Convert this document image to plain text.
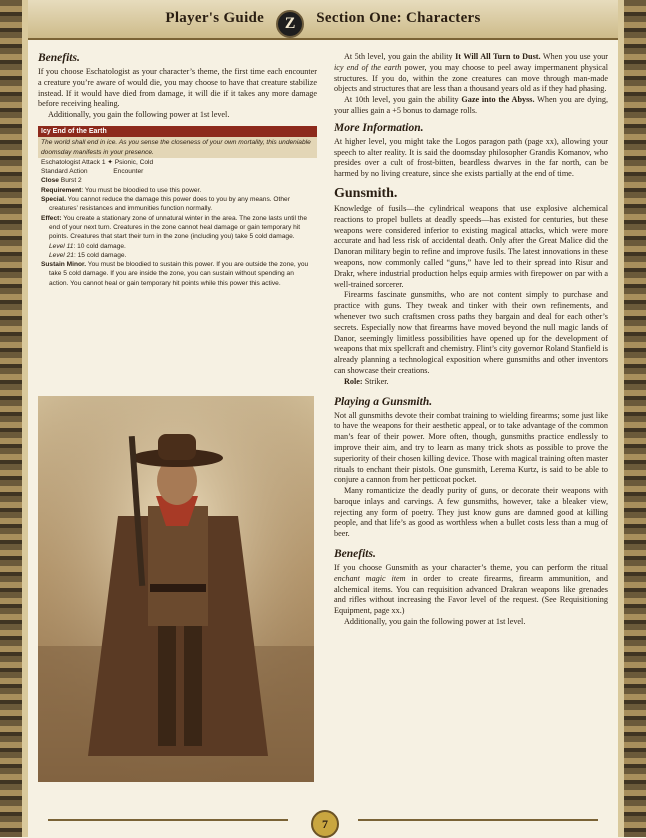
Player's Guide Z Section One: Characters
Benefits.

If you choose Eschatologist as your character’s theme, the first time each encounter a creature you’re aware of would die, you may choose to have that creature stabilize instead. If it would have died from damage, it will die if it takes any more damage before receiving healing.

Additionally, you gain the following power at 1st level.

Icy End of the Earth
The world shall end in ice. As you sense the closeness of your own mortality, this undeniable doomsday manifests in your presence.
Eschatologist Attack 1 ✦ Psionic, Cold
Standard Action	Encounter
Close Burst 2
Requirement: You must be bloodied to use this power.
Special. You cannot reduce the damage this power does to you by any means. Other creatures’ resistances and immunities function normally.
Effect: You create a stationary zone of unnatural winter in the area. The zone lasts until the end of your next turn. Creatures in the zone cannot heal damage or gain temporary hit points. Creatures that start their turn in the zone (including you) take 5 cold damage.
Level 11: 10 cold damage.
Level 21: 15 cold damage.
Sustain Minor. You must be bloodied to sustain this power. If you are outside the zone, you take 5 cold damage. If you are inside the zone, you can sustain without spending an action. You cannot heal or gain temporary hit points while this power this active.

At 5th level, you gain the ability It Will All Turn to Dust. When you use your icy end of the earth power, you may choose to peel away impermanent physical structures. If you do, within the zone creatures can move through man-made objects and structures that are less than a thousand years old as if they had phasing.

At 10th level, you gain the ability Gaze into the Abyss. When you are dying, your allies gain a +5 bonus to damage rolls.

More Information.

At higher level, you might take the Logos paragon path (page xx), allowing your speech to alter reality. It is said the doomsday philosopher Grandis Komanov, who presides over a cult of frost-bitten, beardless dwarves in the far north, can be harmed by no living creature, since she exists partially at the end of time.

Gunsmith.

Knowledge of fusils—the cylindrical weapons that use explosive alchemical reactions to propel bullets at deadly speeds—has existed for centuries, but these weapons were considered inferior to existing magical attacks, which were more accurate and had less risk of accidental death. Only after the Great Malice did the Danoran military begin to refine and improve fusils. The latest innovations in these weapons, now commonly called “guns,” have led to their spread into Risur and Drakr, where industrial production helps equip armies with firepower on par with a well-trained sorcerer.

Firearms fascinate gunsmiths, who are not content simply to purchase and practice with guns. They tweak and tinker with their own refinements, and whenever two such craftsmen cross paths they bargain and deal for each other’s secrets. Especially now that firearms have moved beyond the null magic lands of Danor, seemingly limitless possibilities have opened up for the development of weapons that mix spellcraft and chemistry. Flint’s city governor Roland Stanfield is already planning a technological exposition where gunsmiths and other inventors can showcase their creations.

Role: Striker.

Playing a Gunsmith.

Not all gunsmiths devote their combat training to wielding firearms; some just like to have the weapons for their aesthetic appeal, or to take advantage of the common man’s fear of their power. More often, though, gunsmiths practice endlessly to improve their aim, and try to learn as many trick shots as possible to prove the superiority of their chosen killing device. Those with magical training often master rituals to enchant their pistols. One gunsmith, Lerema Kurtz, is said to be able to conjure a cannon from her petticoat pocket.

Many romanticize the deadly purity of guns, or decorate their weapons with baroque inlays and carvings. A few gunsmiths, however, take a bleaker view, rejecting any form of poetry. They just know guns are damned good at killing people, and that life’s as good as worthless when a bullet costs less than a mug of beer.

Benefits.

If you choose Gunsmith as your character’s theme, you can perform the ritual enchant magic item in order to create firearms, firearm ammunition, and alchemical items. You can requisition advanced Drakran weapons like grenades and rifles without increasing the Favor level of the request. (See Requisitioning Equipment, page xx.)

Additionally, you gain the following power at 1st level.

7
